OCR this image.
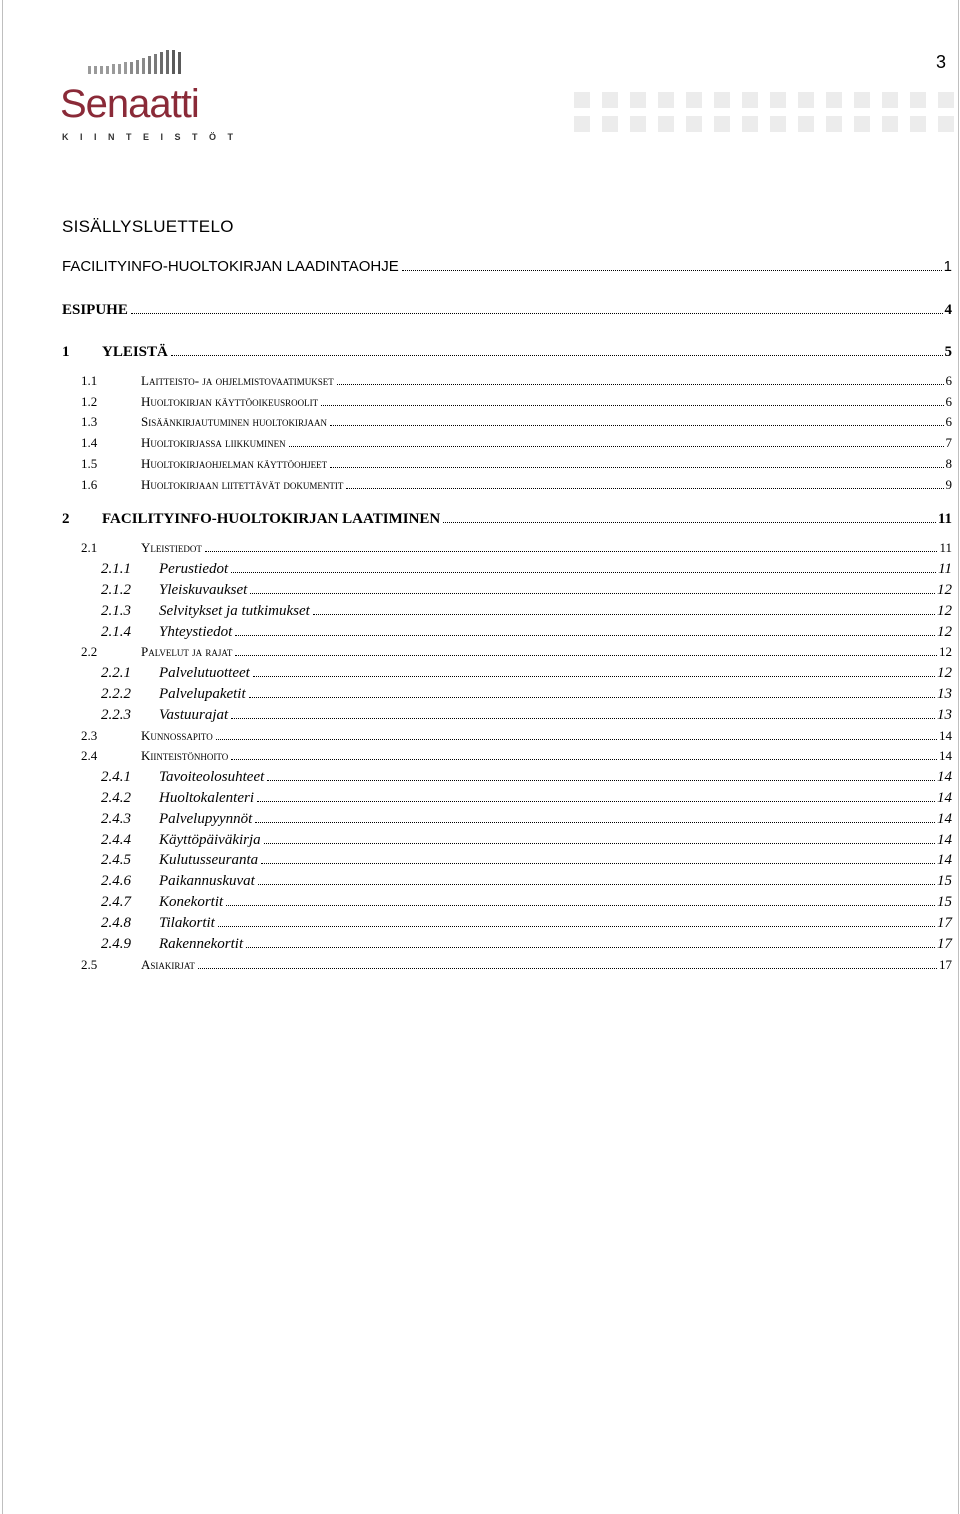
3
Senaatti
KIINTEISTÖT
SISÄLLYSLUETTELO
FACILITYINFO-HUOLTOKIRJAN LAADINTAOHJE	1
ESIPUHE	4
1	YLEISTÄ	5
1.1	Laitteisto- ja ohjelmistovaatimukset	6
1.2	Huoltokirjan käyttöoikeusroolit	6
1.3	Sisäänkirjautuminen huoltokirjaan	6
1.4	Huoltokirjassa liikkuminen	7
1.5	Huoltokirjaohjelman käyttöohjeet	8
1.6	Huoltokirjaan liitettävät dokumentit	9
2	FACILITYINFO-HUOLTOKIRJAN LAATIMINEN	11
2.1	Yleistiedot	11
2.1.1	Perustiedot	11
2.1.2	Yleiskuvaukset	12
2.1.3	Selvitykset ja tutkimukset	12
2.1.4	Yhteystiedot	12
2.2	Palvelut ja rajat	12
2.2.1	Palvelutuotteet	12
2.2.2	Palvelupaketit	13
2.2.3	Vastuurajat	13
2.3	Kunnossapito	14
2.4	Kiinteistönhoito	14
2.4.1	Tavoiteolosuhteet	14
2.4.2	Huoltokalenteri	14
2.4.3	Palvelupyynnöt	14
2.4.4	Käyttöpäiväkirja	14
2.4.5	Kulutusseuranta	14
2.4.6	Paikannuskuvat	15
2.4.7	Konekortit	15
2.4.8	Tilakortit	17
2.4.9	Rakennekortit	17
2.5	Asiakirjat	17
